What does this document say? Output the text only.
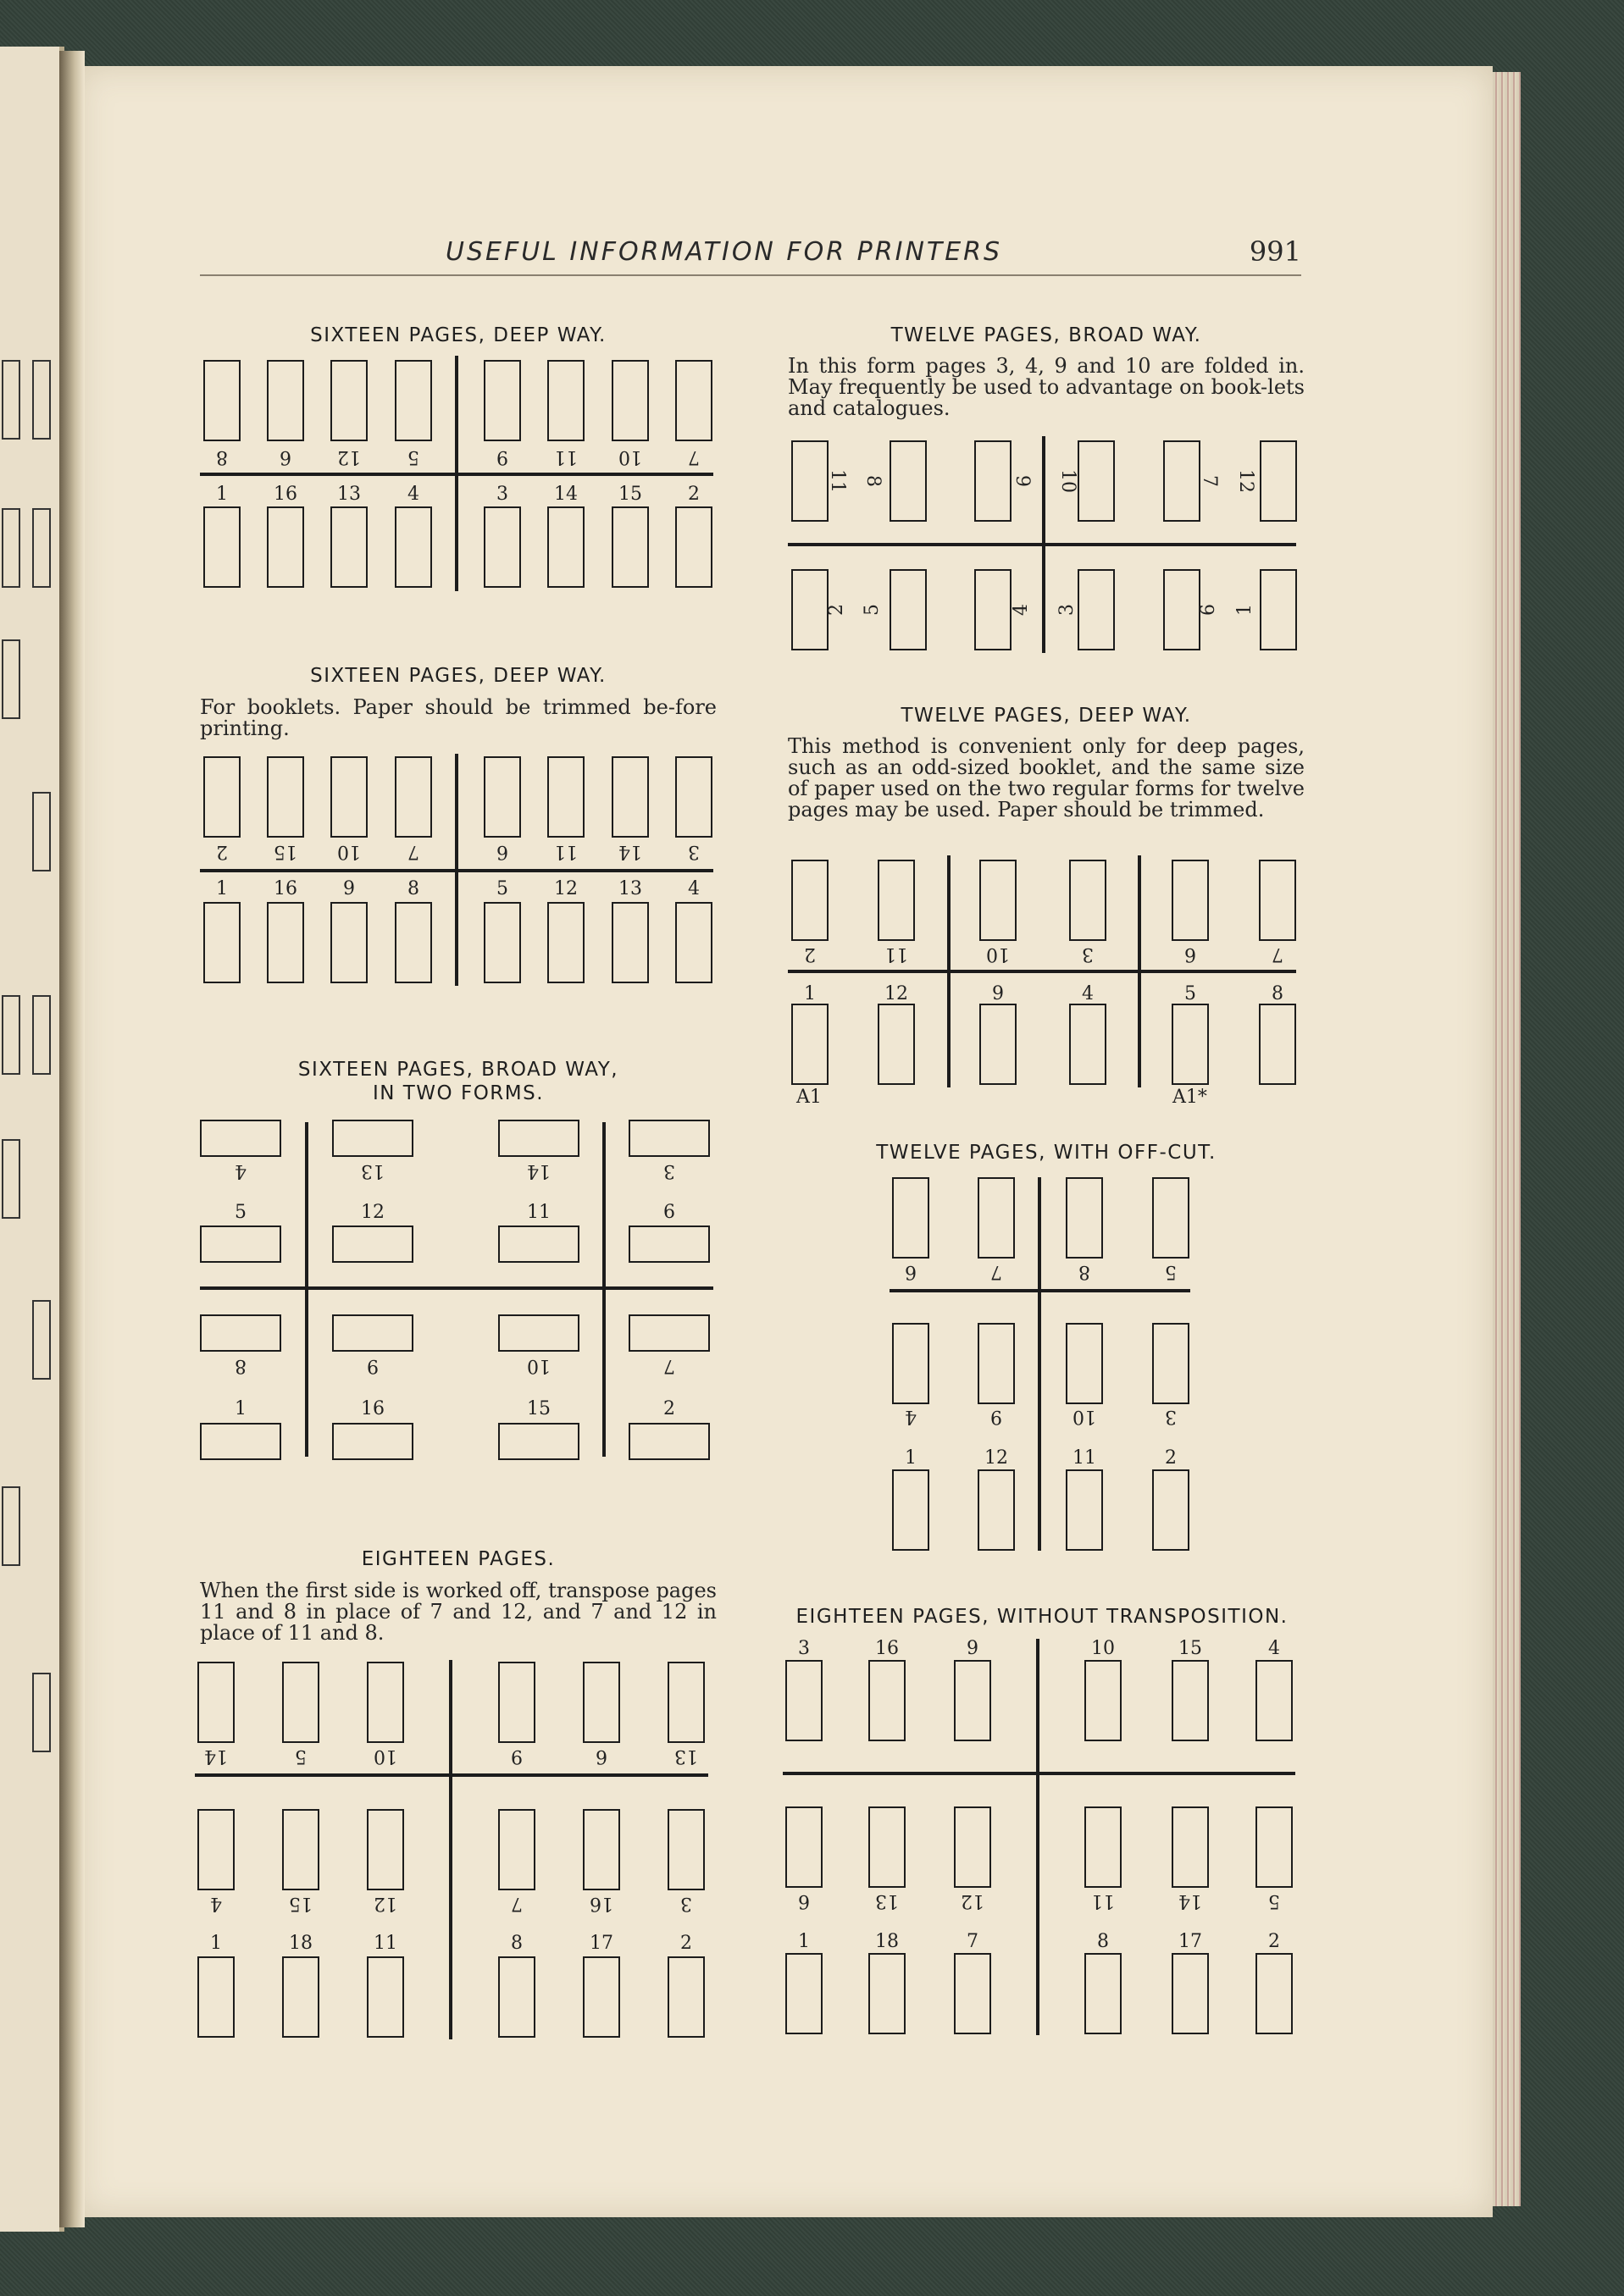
USEFUL INFORMATION FOR PRINTERS	991
SIXTEEN PAGES, DEEP WAY.
SIXTEEN PAGES, DEEP WAY.
For booklets. Paper should be trimmed be-fore printing.
SIXTEEN PAGES, BROAD WAY,
IN TWO FORMS.
EIGHTEEN PAGES.
When the first side is worked off, transpose pages 11 and 8 in place of 7 and 12, and 7 and 12 in place of 11 and 8.
TWELVE PAGES, BROAD WAY.
In this form pages 3, 4, 9 and 10 are folded in. May frequently be used to advantage on book-lets and catalogues.
TWELVE PAGES, DEEP WAY.
This method is convenient only for deep pages, such as an odd-sized booklet, and the same size of paper used on the two regular forms for twelve pages may be used. Paper should be trimmed.
TWELVE PAGES, WITH OFF-CUT.
EIGHTEEN PAGES, WITHOUT TRANSPOSITION.
8
1
6
16
12
13
5
4
9
3
11
14
10
15
7
2
2
1
15
16
10
9
7
8
6
5
11
12
14
13
3
4
4
5
8
1
13
12
9
16
14
11
10
15
3
6
7
2
14
4
1
5
15
18
10
12
11
9
7
8
6
16
17
13
3
2
11
2
8
5
9
4
10
3
7
6
12
1
2
1
11
12
10
9
3
4
6
5
7
8
A1	A1*
6
4
1
7
9
12
8
10
11
5
3
2
3
6
1
16
13
18
9
12
7
10
11
8
15
14
17
4
5
2
